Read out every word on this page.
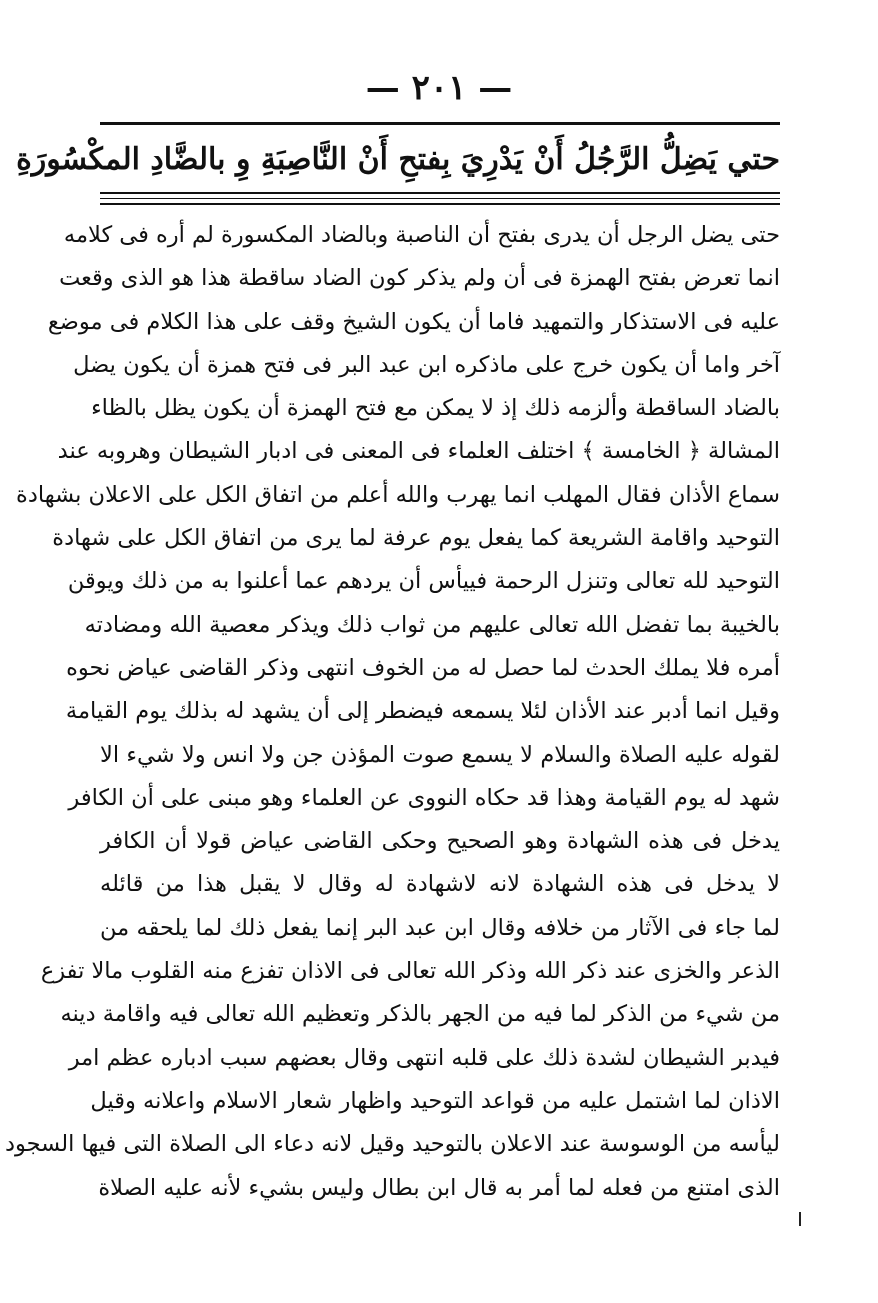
— ٢٠١ —
حتي يَضِلُّ الرَّجُلُ أَنْ يَدْرِيَ بِفتحِ أَنْ النَّاصِبَةِ وِ بالضَّادِ المكْسُورَةِ
حتى يضل الرجل أن يدرى بفتح أن الناصبة وبالضاد المكسورة لم أره فى كلامه
انما تعرض بفتح الهمزة فى أن ولم يذكر كون الضاد ساقطة هذا هو الذى وقعت
عليه فى الاستذكار والتمهيد فاما أن يكون الشيخ وقف على هذا الكلام فى موضع
آخر واما أن يكون خرج على ماذكره ابن عبد البر فى فتح همزة أن يكون يضل
بالضاد الساقطة وألزمه ذلك إذ لا يمكن مع فتح الهمزة أن يكون يظل بالظاء
المشالة ﴿ الخامسة ﴾ اختلف العلماء فى المعنى فى ادبار الشيطان وهروبه عند
سماع الأذان فقال المهلب انما يهرب والله أعلم من اتفاق الكل على الاعلان بشهادة
التوحيد واقامة الشريعة كما يفعل يوم عرفة لما يرى من اتفاق الكل على شهادة
التوحيد لله تعالى وتنزل الرحمة فييأس أن يردهم عما أعلنوا به من ذلك ويوقن
بالخيبة بما تفضل الله تعالى عليهم من ثواب ذلك ويذكر معصية الله ومضادته
أمره فلا يملك الحدث لما حصل له من الخوف انتهى وذكر القاضى عياض نحوه
وقيل انما أدبر عند الأذان لئلا يسمعه فيضطر إلى أن يشهد له بذلك يوم القيامة
لقوله عليه الصلاة والسلام لا يسمع صوت المؤذن جن ولا انس ولا شيء الا
شهد له يوم القيامة وهذا قد حكاه النووى عن العلماء وهو مبنى على أن الكافر
يدخل فى هذه الشهادة وهو الصحيح وحكى القاضى عياض قولا أن الكافر
لا يدخل فى هذه الشهادة لانه لاشهادة له وقال لا يقبل هذا من قائله
لما جاء فى الآثار من خلافه وقال ابن عبد البر إنما يفعل ذلك لما يلحقه من
الذعر والخزى عند ذكر الله وذكر الله تعالى فى الاذان تفزع منه القلوب مالا تفزع
من شيء من الذكر لما فيه من الجهر بالذكر وتعظيم الله تعالى فيه واقامة دينه
فيدبر الشيطان لشدة ذلك على قلبه انتهى وقال بعضهم سبب ادباره عظم امر
الاذان لما اشتمل عليه من قواعد التوحيد واظهار شعار الاسلام واعلانه وقيل
ليأسه من الوسوسة عند الاعلان بالتوحيد وقيل لانه دعاء الى الصلاة التى فيها السجود
الذى امتنع من فعله لما أمر به قال ابن بطال وليس بشيء لأنه عليه الصلاة
